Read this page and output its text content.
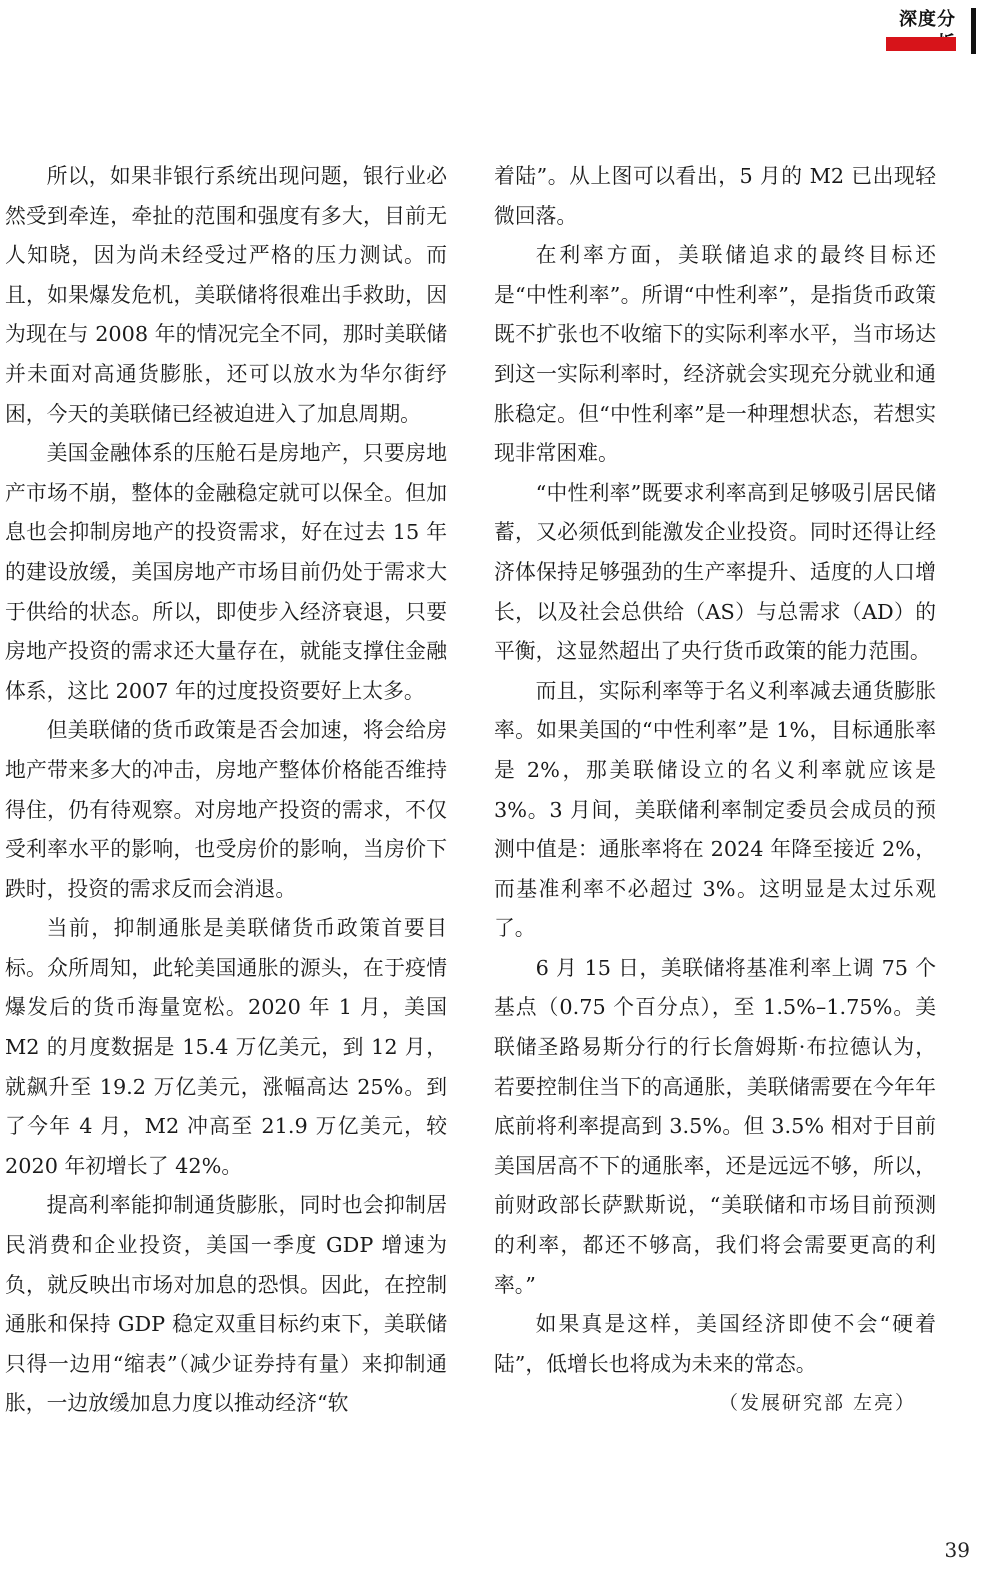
深度分

所以，如果非银行系统出现问题，银行业必然受到牵连，牵扯的范围和强度有多大，目前无人知晓，因为尚未经受过严格的压力测试。而且，如果爆发危机，美联储将很难出手救助，因为现在与 2008 年的情况完全不同，那时美联储并未面对高通货膨胀，还可以放水为华尔街纾困，今天的美联储已经被迫进入了加息周期。

美国金融体系的压舱石是房地产，只要房地产市场不崩，整体的金融稳定就可以保全。但加息也会抑制房地产的投资需求，好在过去 15 年的建设放缓，美国房地产市场目前仍处于需求大于供给的状态。所以，即使步入经济衰退，只要房地产投资的需求还大量存在，就能支撑住金融体系，这比 2007 年的过度投资要好上太多。

但美联储的货币政策是否会加速，将会给房地产带来多大的冲击，房地产整体价格能否维持得住，仍有待观察。对房地产投资的需求，不仅受利率水平的影响，也受房价的影响，当房价下跌时，投资的需求反而会消退。

当前，抑制通胀是美联储货币政策首要目标。众所周知，此轮美国通胀的源头，在于疫情爆发后的货币海量宽松。2020 年 1 月，美国 M2 的月度数据是 15.4 万亿美元，到 12 月，就飙升至 19.2 万亿美元，涨幅高达 25%。到了今年 4 月，M2 冲高至 21.9 万亿美元，较 2020 年初增长了 42%。

提高利率能抑制通货膨胀，同时也会抑制居民消费和企业投资，美国一季度 GDP 增速为负，就反映出市场对加息的恐惧。因此，在控制通胀和保持 GDP 稳定双重目标约束下，美联储只得一边用“缩表”（减少证券持有量）来抑制通胀，一边放缓加息力度以推动经济“软

着陆”。从上图可以看出，5 月的 M2 已出现轻微回落。

在利率方面，美联储追求的最终目标还是“中性利率”。所谓“中性利率”，是指货币政策既不扩张也不收缩下的实际利率水平，当市场达到这一实际利率时，经济就会实现充分就业和通胀稳定。但“中性利率”是一种理想状态，若想实现非常困难。

“中性利率”既要求利率高到足够吸引居民储蓄，又必须低到能激发企业投资。同时还得让经济体保持足够强劲的生产率提升、适度的人口增长，以及社会总供给（AS）与总需求（AD）的平衡，这显然超出了央行货币政策的能力范围。

而且，实际利率等于名义利率减去通货膨胀率。如果美国的“中性利率”是 1%，目标通胀率是 2%，那美联储设立的名义利率就应该是 3%。3 月间，美联储利率制定委员会成员的预测中值是：通胀率将在 2024 年降至接近 2%，而基准利率不必超过 3%。这明显是太过乐观了。

6 月 15 日，美联储将基准利率上调 75 个基点（0.75 个百分点），至 1.5%–1.75%。美联储圣路易斯分行的行长詹姆斯·布拉德认为，若要控制住当下的高通胀，美联储需要在今年年底前将利率提高到 3.5%。但 3.5% 相对于目前美国居高不下的通胀率，还是远远不够，所以，前财政部长萨默斯说，“美联储和市场目前预测的利率，都还不够高，我们将会需要更高的利率。”

如果真是这样，美国经济即使不会“硬着陆”，低增长也将成为未来的常态。

（发展研究部 左亮）
39
